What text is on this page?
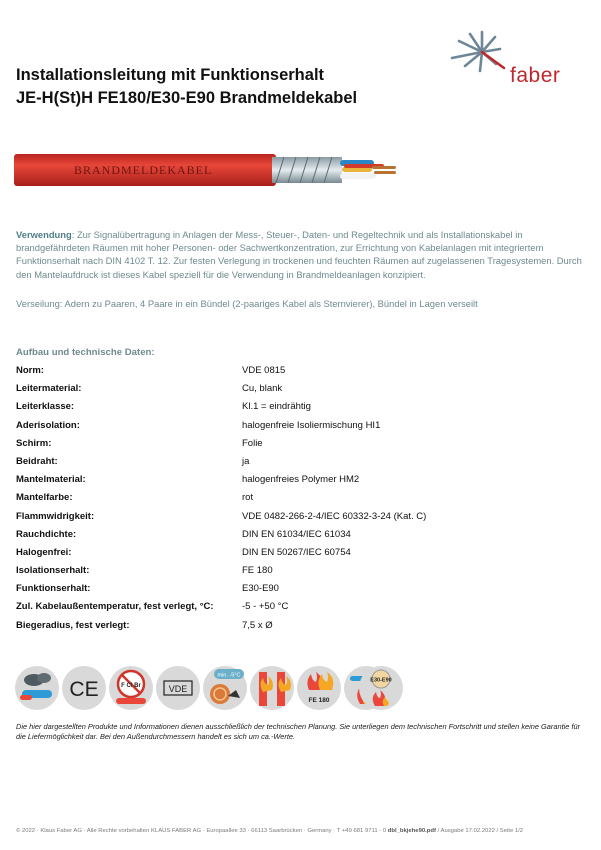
Installationsleitung mit Funktionserhalt
JE-H(St)H FE180/E30-E90 Brandmeldekabel
faber
BRANDMELDEKABEL
Verwendung: Zur Signalübertragung in Anlagen der Mess-, Steuer-, Daten- und Regeltechnik und als Installationskabel in brandgefährdeten Räumen mit hoher Personen- oder Sachwertkonzentration, zur Errichtung von Kabelanlagen mit integriertem Funktionserhalt nach DIN 4102 T. 12. Zur festen Verlegung in trockenen und feuchten Räumen auf zugelassenen Tragesystemen. Durch den Mantelaufdruck ist dieses Kabel speziell für die Verwendung in Brandmeldeanlagen konzipiert.
Verseilung: Adern zu Paaren, 4 Paare in ein Bündel (2-paariges Kabel als Sternvierer), Bündel in Lagen verseilt
Aufbau und technische Daten:
Norm:	VDE 0815
Leitermaterial:	Cu, blank
Leiterklasse:	Kl.1 = eindrähtig
Aderisolation:	halogenfreie Isoliermischung HI1
Schirm:	Folie
Beidraht:	ja
Mantelmaterial:	halogenfreies Polymer HM2
Mantelfarbe:	rot
Flammwidrigkeit:	VDE 0482-266-2-4/IEC 60332-3-24 (Kat. C)
Rauchdichte:	DIN EN 61034/IEC 61034
Halogenfrei:	DIN EN 50267/IEC 60754
Isolationserhalt:	FE 180
Funktionserhalt:	E30-E90
Zul. Kabelaußentemperatur, fest verlegt, °C:	-5 - +50 °C
Biegeradius, fest verlegt:	7,5 x Ø
CE	F Cl Br	VDE
min. -5°C
FE 180
E30-E90
Die hier dargestellten Produkte und Informationen dienen ausschließlich der technischen Planung. Sie unterliegen dem technischen Fortschritt und stellen keine Garantie für die Liefermöglichkeit dar. Bei den Außendurchmessern handelt es sich um ca.-Werte.
© 2022 · Klaus Faber AG · Alle Rechte vorbehalten KLAUS FABER AG · Europaallee 33 · 66113 Saarbrücken · Germany · T +49 681 9711 - 0 dbl_bkjehe90.pdf / Ausgabe 17.02.2022 / Seite 1/2
